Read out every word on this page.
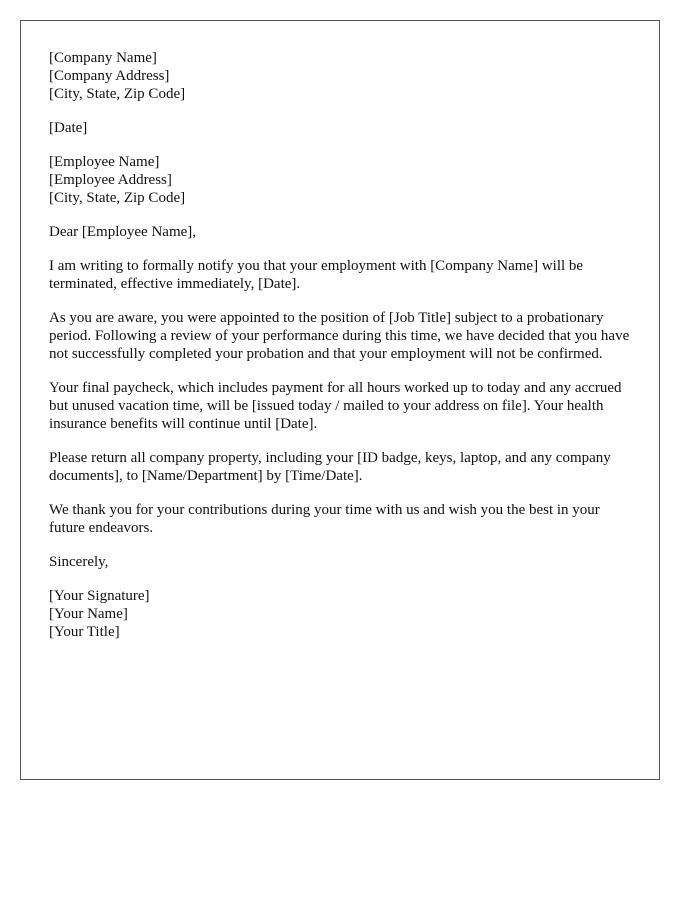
[Company Name]
[Company Address]
[City, State, Zip Code]
[Date]
[Employee Name]
[Employee Address]
[City, State, Zip Code]

Dear [Employee Name],

I am writing to formally notify you that your employment with [Company Name] will be terminated, effective immediately, [Date].

As you are aware, you were appointed to the position of [Job Title] subject to a probationary period. Following a review of your performance during this time, we have decided that you have not successfully completed your probation and that your employment will not be confirmed.

Your final paycheck, which includes payment for all hours worked up to today and any accrued but unused vacation time, will be [issued today / mailed to your address on file]. Your health insurance benefits will continue until [Date].

Please return all company property, including your [ID badge, keys, laptop, and any company documents], to [Name/Department] by [Time/Date].

We thank you for your contributions during your time with us and wish you the best in your future endeavors.

Sincerely,

[Your Signature]
[Your Name]
[Your Title]
